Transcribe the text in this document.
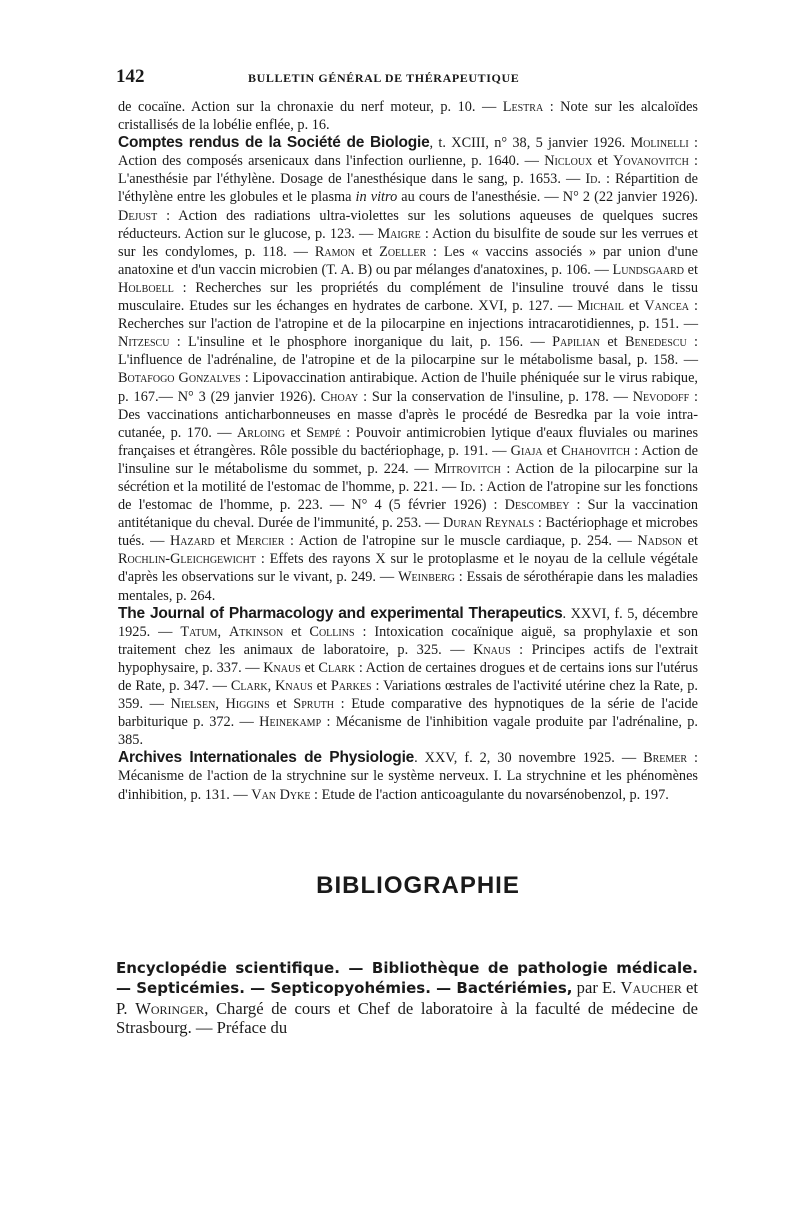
142	BULLETIN GÉNÉRAL DE THÉRAPEUTIQUE

de cocaïne. Action sur la chronaxie du nerf moteur, p. 10. — Lestra : Note sur les alcaloïdes cristallisés de la lobélie enflée, p. 16.

Comptes rendus de la Société de Biologie, t. XCIII, n° 38, 5 janvier 1926. Molinelli : Action des composés arsenicaux dans l'infection ourlienne, p. 1640. — Nicloux et Yovanovitch : L'anesthésie par l'éthylène. Dosage de l'anesthésique dans le sang, p. 1653. — Id. : Répartition de l'éthylène entre les globules et le plasma in vitro au cours de l'anesthésie. — N° 2 (22 janvier 1926). Dejust : Action des radiations ultra-violettes sur les solutions aqueuses de quelques sucres réducteurs. Action sur le glucose, p. 123. — Maigre : Action du bisulfite de soude sur les verrues et sur les condylomes, p. 118. — Ramon et Zoeller : Les « vaccins associés » par union d'une anatoxine et d'un vaccin microbien (T. A. B) ou par mélanges d'anatoxines, p. 106. — Lundsgaard et Holboell : Recherches sur les propriétés du complément de l'insuline trouvé dans le tissu musculaire. Etudes sur les échanges en hydrates de carbone. XVI, p. 127. — Michail et Vancea : Recherches sur l'action de l'atropine et de la pilocarpine en injections intracarotidiennes, p. 151. — Nitzescu : L'insuline et le phosphore inorganique du lait, p. 156. — Papilian et Benedescu : L'influence de l'adrénaline, de l'atropine et de la pilocarpine sur le métabolisme basal, p. 158. — Botafogo Gonzalves : Lipovaccination antirabique. Action de l'huile phéniquée sur le virus rabique, p. 167.— N° 3 (29 janvier 1926). Choay : Sur la conservation de l'insuline, p. 178. — Nevodoff : Des vaccinations anticharbonneuses en masse d'après le procédé de Besredka par la voie intra-cutanée, p. 170. — Arloing et Sempé : Pouvoir antimicrobien lytique d'eaux fluviales ou marines françaises et étrangères. Rôle possible du bactériophage, p. 191. — Giaja et Chahovitch : Action de l'insuline sur le métabolisme du sommet, p. 224. — Mitrovitch : Action de la pilocarpine sur la sécrétion et la motilité de l'estomac de l'homme, p. 221. — Id. : Action de l'atropine sur les fonctions de l'estomac de l'homme, p. 223. — N° 4 (5 février 1926) : Descombey : Sur la vaccination antitétanique du cheval. Durée de l'immunité, p. 253. — Duran Reynals : Bactériophage et microbes tués. — Hazard et Mercier : Action de l'atropine sur le muscle cardiaque, p. 254. — Nadson et Rochlin-Gleichgewicht : Effets des rayons X sur le protoplasme et le noyau de la cellule végétale d'après les observations sur le vivant, p. 249. — Weinberg : Essais de sérothérapie dans les maladies mentales, p. 264.

The Journal of Pharmacology and experimental Therapeutics. XXVI, f. 5, décembre 1925. — Tatum, Atkinson et Collins : Intoxication cocaïnique aiguë, sa prophylaxie et son traitement chez les animaux de laboratoire, p. 325. — Knaus : Principes actifs de l'extrait hypophysaire, p. 337. — Knaus et Clark : Action de certaines drogues et de certains ions sur l'utérus de Rate, p. 347. — Clark, Knaus et Parkes : Variations œstrales de l'activité utérine chez la Rate, p. 359. — Nielsen, Higgins et Spruth : Etude comparative des hypnotiques de la série de l'acide barbiturique p. 372. — Heinekamp : Mécanisme de l'inhibition vagale produite par l'adrénaline, p. 385.

Archives Internationales de Physiologie. XXV, f. 2, 30 novembre 1925. — Bremer : Mécanisme de l'action de la strychnine sur le système nerveux. I. La strychnine et les phénomènes d'inhibition, p. 131. — Van Dyke : Etude de l'action anticoagulante du novarsénobenzol, p. 197.

BIBLIOGRAPHIE

Encyclopédie scientifique. — Bibliothèque de pathologie médicale. — Septicémies. — Septicopyohémies. — Bactériémies, par E. Vaucher et P. Woringer, Chargé de cours et Chef de laboratoire à la faculté de médecine de Strasbourg. — Préface du
